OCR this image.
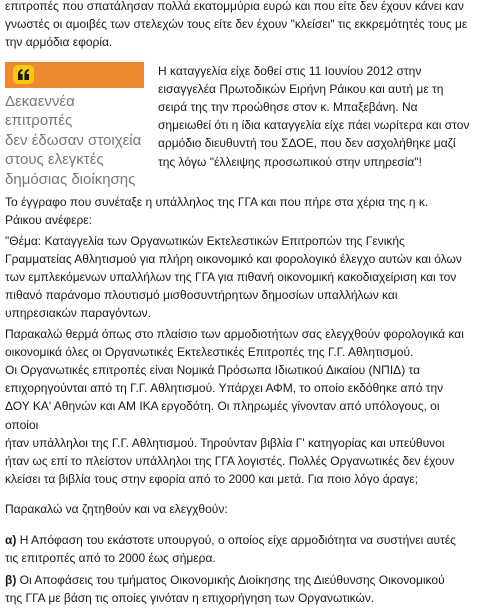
επιτροπές που σπατάλησαν πολλά εκατομμύρια ευρώ και που είτε δεν έχουν κάνει καν
γνωστές οι αμοιβές των στελεχών τους είτε δεν έχουν "κλείσει" τις εκκρεμότητές τους με
την αρμόδια εφορία.

Δεκαεννέα επιτροπές
δεν έδωσαν στοιχεία
στους ελεγκτές
δημόσιας διοίκησης

Η καταγγελία είχε δοθεί στις 11 Ιουνίου 2012 στην
εισαγγελέα Πρωτοδικών Ειρήνη Ράικου και αυτή με τη
σειρά της την προώθησε στον κ. Μπαξεβάνη. Να
σημειωθεί ότι η ίδια καταγγελία είχε πάει νωρίτερα και στον
αρμόδιο διευθυντή του ΣΔΟΕ, που δεν ασχολήθηκε μαζί
της λόγω "έλλειψης προσωπικού στην υπηρεσία"!

Το έγγραφο που συνέταξε η υπάλληλος της ΓΓΑ και που πήρε στα χέρια της η κ.
Ράικου ανέφερε:

"Θέμα: Καταγγελία των Οργανωτικών Εκτελεστικών Επιτροπών της Γενικής
Γραμματείας Αθλητισμού για πλήρη οικονομικό και φορολογικό έλεγχο αυτών και όλων
των εμπλεκόμενων υπαλλήλων της ΓΓΑ για πιθανή οικονομική κακοδιαχείριση και τον
πιθανό παράνομο πλουτισμό μισθοσυντήρητων δημοσίων υπαλλήλων και
υπηρεσιακών παραγόντων.

Παρακαλώ θερμά όπως στο πλαίσιο των αρμοδιοτήτων σας ελεγχθούν φορολογικά και
οικονομικά όλες οι Οργανωτικές Εκτελεστικές Επιτροπές της Γ.Γ. Αθλητισμού.
Οι Οργανωτικές επιτροπές είναι Νομικά Πρόσωπα Ιδιωτικού Δικαίου (ΝΠΙΔ) τα
επιχορηγούνται από τη Γ.Γ. Αθλητισμού. Υπάρχει ΑΦΜ, το οποίο εκδόθηκε από την
ΔΟΥ ΚΑ' Αθηνών και ΑΜ ΙΚΑ εργοδότη. Οι πληρωμές γίνονταν από υπόλογους, οι οποίοι
ήταν υπάλληλοι της Γ.Γ. Αθλητισμού. Τηρούνταν βιβλία Γ' κατηγορίας και υπεύθυνοι
ήταν ως επί το πλείστον υπάλληλοι της ΓΓΑ λογιστές. Πολλές Οργανωτικές δεν έχουν
κλείσει τα βιβλία τους στην εφορία από το 2000 και μετά. Για ποιο λόγο άραγε;

Παρακαλώ να ζητηθούν και να ελεγχθούν:

α) Η Απόφαση του εκάστοτε υπουργού, ο οποίος είχε αρμοδιότητα να συστήνει αυτές
τις επιτροπές από το 2000 έως σήμερα.

β) Οι Αποφάσεις του τμήματος Οικονομικής Διοίκησης της Διεύθυνσης Οικονομικού
της ΓΓΑ με βάση τις οποίες γινόταν η επιχορήγηση των Οργανωτικών.
